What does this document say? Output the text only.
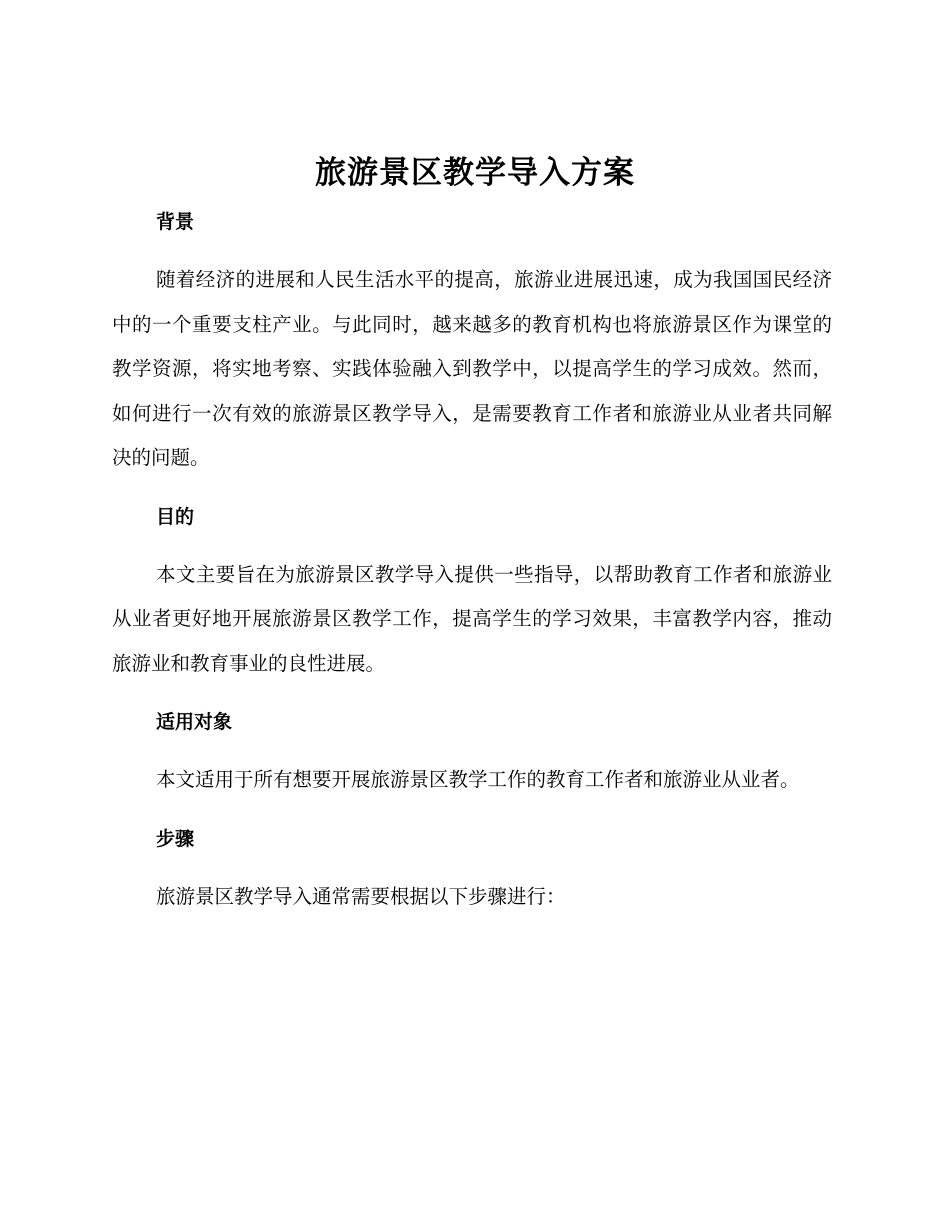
旅游景区教学导入方案
背景

随着经济的进展和人民生活水平的提高，旅游业进展迅速，成为我国国民经济中的一个重要支柱产业。与此同时，越来越多的教育机构也将旅游景区作为课堂的教学资源，将实地考察、实践体验融入到教学中，以提高学生的学习成效。然而，如何进行一次有效的旅游景区教学导入，是需要教育工作者和旅游业从业者共同解决的问题。

目的

本文主要旨在为旅游景区教学导入提供一些指导，以帮助教育工作者和旅游业从业者更好地开展旅游景区教学工作，提高学生的学习效果，丰富教学内容，推动旅游业和教育事业的良性进展。

适用对象

本文适用于所有想要开展旅游景区教学工作的教育工作者和旅游业从业者。

步骤

旅游景区教学导入通常需要根据以下步骤进行：
